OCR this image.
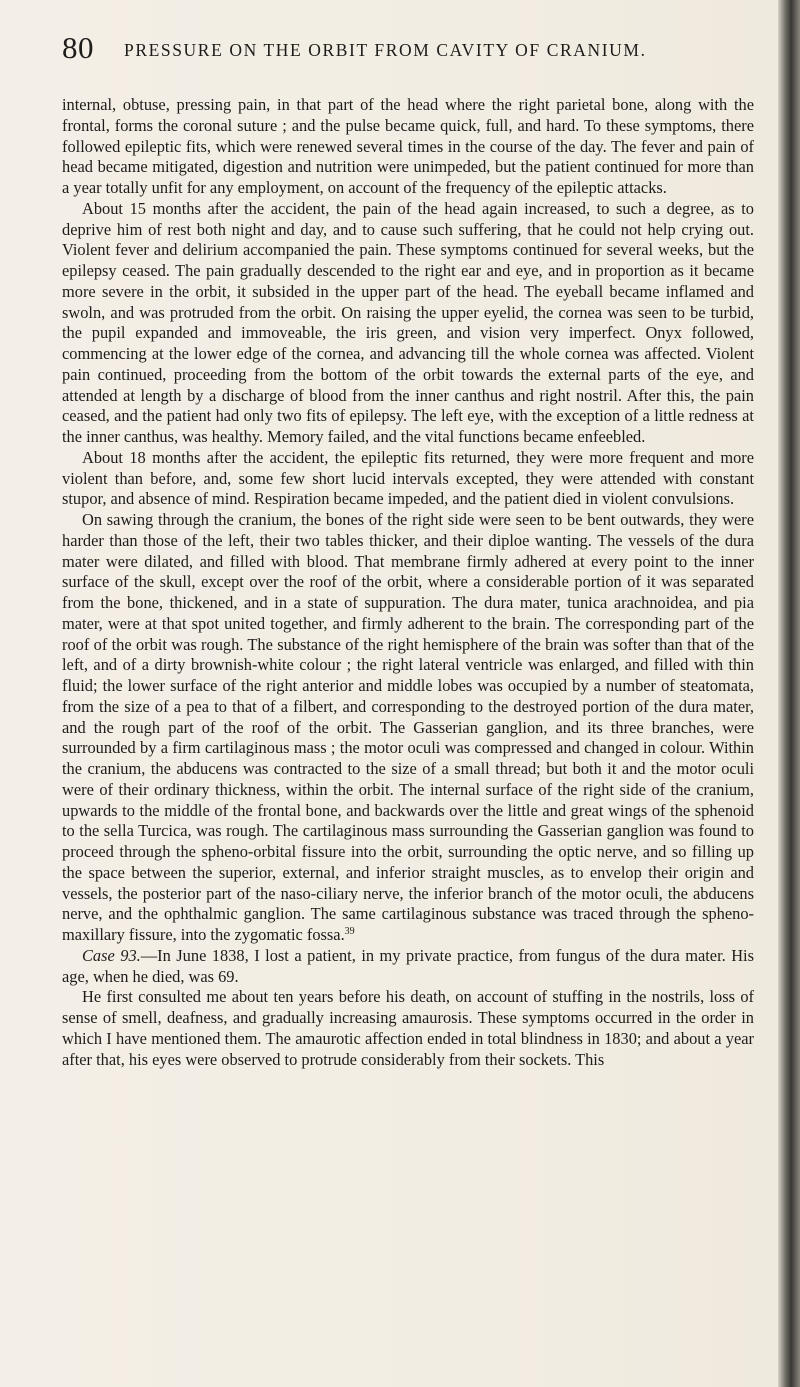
80 PRESSURE ON THE ORBIT FROM CAVITY OF CRANIUM.

internal, obtuse, pressing pain, in that part of the head where the right parietal bone, along with the frontal, forms the coronal suture ; and the pulse became quick, full, and hard. To these symptoms, there followed epileptic fits, which were renewed several times in the course of the day. The fever and pain of head became mitigated, digestion and nutrition were unimpeded, but the patient continued for more than a year totally unfit for any employment, on account of the frequency of the epileptic attacks.

About 15 months after the accident, the pain of the head again increased, to such a degree, as to deprive him of rest both night and day, and to cause such suffering, that he could not help crying out. Violent fever and delirium accompanied the pain. These symptoms continued for several weeks, but the epilepsy ceased. The pain gradually descended to the right ear and eye, and in proportion as it became more severe in the orbit, it subsided in the upper part of the head. The eyeball became inflamed and swoln, and was protruded from the orbit. On raising the upper eyelid, the cornea was seen to be turbid, the pupil expanded and immoveable, the iris green, and vision very imperfect. Onyx followed, commencing at the lower edge of the cornea, and advancing till the whole cornea was affected. Violent pain continued, proceeding from the bottom of the orbit towards the external parts of the eye, and attended at length by a discharge of blood from the inner canthus and right nostril. After this, the pain ceased, and the patient had only two fits of epilepsy. The left eye, with the exception of a little redness at the inner canthus, was healthy. Memory failed, and the vital functions became enfeebled.

About 18 months after the accident, the epileptic fits returned, they were more frequent and more violent than before, and, some few short lucid intervals excepted, they were attended with constant stupor, and absence of mind. Respiration became impeded, and the patient died in violent convulsions.

On sawing through the cranium, the bones of the right side were seen to be bent outwards, they were harder than those of the left, their two tables thicker, and their diploe wanting. The vessels of the dura mater were dilated, and filled with blood. That membrane firmly adhered at every point to the inner surface of the skull, except over the roof of the orbit, where a considerable portion of it was separated from the bone, thickened, and in a state of suppuration. The dura mater, tunica arachnoidea, and pia mater, were at that spot united together, and firmly adherent to the brain. The corresponding part of the roof of the orbit was rough. The substance of the right hemisphere of the brain was softer than that of the left, and of a dirty brownish-white colour ; the right lateral ventricle was enlarged, and filled with thin fluid; the lower surface of the right anterior and middle lobes was occupied by a number of steatomata, from the size of a pea to that of a filbert, and corresponding to the destroyed portion of the dura mater, and the rough part of the roof of the orbit. The Gasserian ganglion, and its three branches, were surrounded by a firm cartilaginous mass ; the motor oculi was compressed and changed in colour. Within the cranium, the abducens was contracted to the size of a small thread; but both it and the motor oculi were of their ordinary thickness, within the orbit. The internal surface of the right side of the cranium, upwards to the middle of the frontal bone, and backwards over the little and great wings of the sphenoid to the sella Turcica, was rough. The cartilaginous mass surrounding the Gasserian ganglion was found to proceed through the spheno-orbital fissure into the orbit, surrounding the optic nerve, and so filling up the space between the superior, external, and inferior straight muscles, as to envelop their origin and vessels, the posterior part of the naso-ciliary nerve, the inferior branch of the motor oculi, the abducens nerve, and the ophthalmic ganglion. The same cartilaginous substance was traced through the spheno-maxillary fissure, into the zygomatic fossa.$^{39}$

Case 93.—In June 1838, I lost a patient, in my private practice, from fungus of the dura mater. His age, when he died, was 69.

He first consulted me about ten years before his death, on account of stuffing in the nostrils, loss of sense of smell, deafness, and gradually increasing amaurosis. These symptoms occurred in the order in which I have mentioned them. The amaurotic affection ended in total blindness in 1830; and about a year after that, his eyes were observed to protrude considerably from their sockets. This
